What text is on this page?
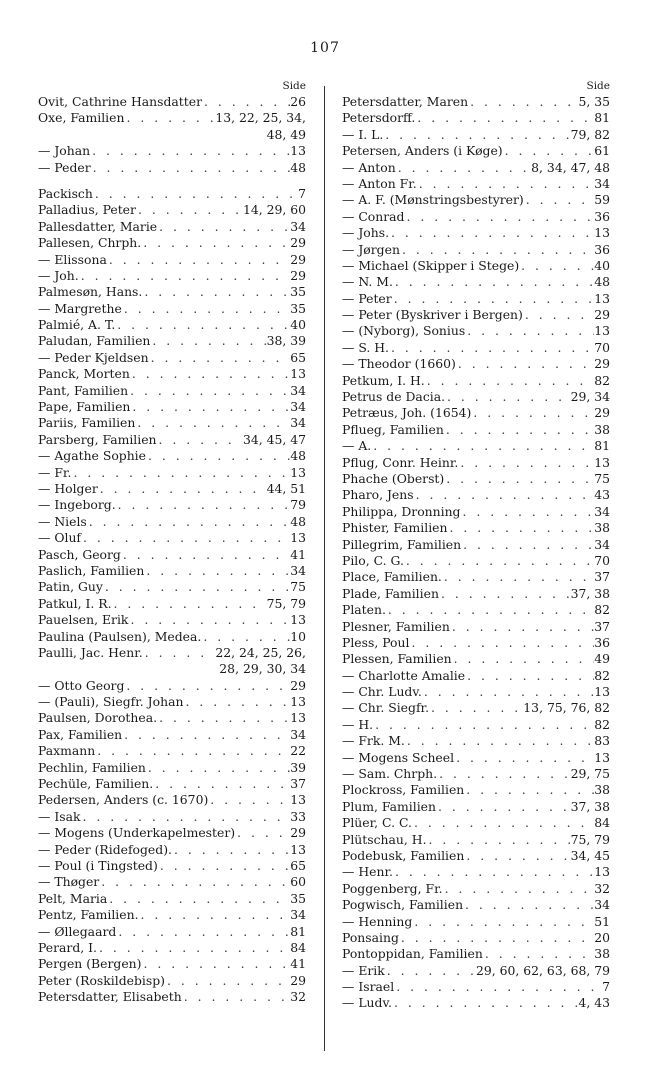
107
Side
Ovit, Cathrine Hansdatter . . .	26
Oxe, Familien . . .	13, 22, 25, 34,
48, 49
— Johan . . .	13
— Peder . . .	48
Packisch . . .	7
Palladius, Peter . . .	14, 29, 60
Pallesdatter, Marie . . .	34
Pallesen, Chrph. . . .	29
— Elissona . . .	29
— Joh. . . .	29
Palmesøn, Hans. . . .	35
— Margrethe . . .	35
Palmié, A. T. . . .	40
Paludan, Familien . . .	38, 39
— Peder Kjeldsen . . .	65
Panck, Morten . . .	13
Pant, Familien . . .	34
Pape, Familien . . .	34
Pariis, Familien . . .	34
Parsberg, Familien . . .	34, 45, 47
— Agathe Sophie . . .	48
— Fr. . . .	13
— Holger . . .	44, 51
— Ingeborg. . . .	79
— Niels . . .	48
— Oluf . . .	13
Pasch, Georg . . .	41
Paslich, Familien . . .	34
Patin, Guy . . .	75
Patkul, I. R. . . .	75, 79
Pauelsen, Erik . . .	13
Paulina (Paulsen), Medea. . . .	10
Paulli, Jac. Henr. . . .	22, 24, 25, 26,
28, 29, 30, 34
— Otto Georg . . .	29
— (Pauli), Siegfr. Johan . . .	13
Paulsen, Dorothea. . . .	13
Pax, Familien . . .	34
Paxmann . . .	22
Pechlin, Familien . . .	39
Pechüle, Familien. . . .	37
Pedersen, Anders (c. 1670) . . .	13
— Isak . . .	33
— Mogens (Underkapelmester) . . .	29
— Peder (Ridefoged). . . .	13
— Poul (i Tingsted) . . .	65
— Thøger . . .	60
Pelt, Maria . . .	35
Pentz, Familien. . . .	34
— Øllegaard . . .	81
Perard, I. . . .	84
Pergen (Bergen) . . .	41
Peter (Roskildebisp) . . .	29
Petersdatter, Elisabeth . . .	32
Side
Petersdatter, Maren . . .	5, 35
Petersdorff. . . .	81
— I. L. . . .	79, 82
Petersen, Anders (i Køge) . . .	61
— Anton . . .	8, 34, 47, 48
— Anton Fr. . . .	34
— A. F. (Mønstringsbestyrer) . . .	59
— Conrad . . .	36
— Johs. . . .	13
— Jørgen . . .	36
— Michael (Skipper i Stege) . . .	40
— N. M. . . .	48
— Peter . . .	13
— Peter (Byskriver i Bergen) . . .	29
— (Nyborg), Sonius . . .	13
— S. H. . . .	70
— Theodor (1660) . . .	29
Petkum, I. H. . . .	82
Petrus de Dacia. . . .	29, 34
Petræus, Joh. (1654) . . .	29
Pflueg, Familien . . .	38
— A. . . .	81
Pflug, Conr. Heinr. . . .	13
Phache (Oberst) . . .	75
Pharo, Jens . . .	43
Philippa, Dronning . . .	34
Phister, Familien . . .	38
Pillegrim, Familien . . .	34
Pilo, C. G. . . .	70
Place, Familien. . . .	37
Plade, Familien . . .	37, 38
Platen. . . .	82
Plesner, Familien . . .	37
Pless, Poul . . .	36
Plessen, Familien . . .	49
— Charlotte Amalie . . .	82
— Chr. Ludv. . . .	13
— Chr. Siegfr. . . .	13, 75, 76, 82
— H. . . .	82
— Frk. M. . . .	83
— Mogens Scheel . . .	13
— Sam. Chrph. . . .	29, 75
Plockross, Familien . . .	38
Plum, Familien . . .	37, 38
Plüer, C. C. . . .	84
Plütschau, H. . . .	75, 79
Podebusk, Familien . . .	34, 45
— Henr. . . .	13
Poggenberg, Fr. . . .	32
Pogwisch, Familien . . .	34
— Henning . . .	51
Ponsaing . . .	20
Pontoppidan, Familien . . .	38
— Erik . . .	29, 60, 62, 63, 68, 79
— Israel . . .	7
— Ludv. . . .	4, 43
